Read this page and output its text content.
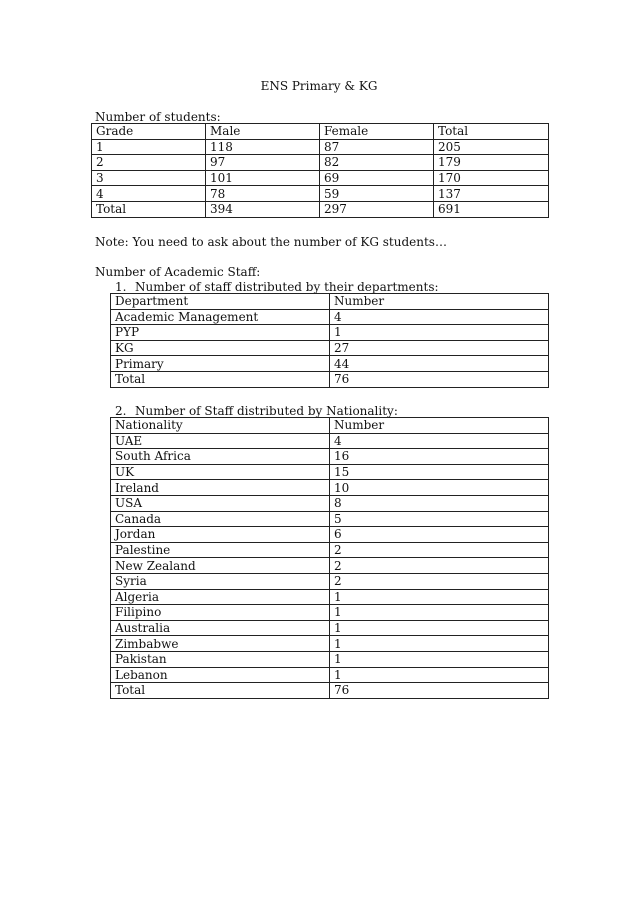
ENS Primary & KG
Number of students:
Grade	Male	Female	Total
1	118	87	205
2	97	82	179
3	101	69	170
4	78	59	137
Total	394	297	691
Note: You need to ask about the number of KG students…
Number of Academic Staff:
1. Number of staff distributed by their departments:
Department	Number
Academic Management	4
PYP	1
KG	27
Primary	44
Total	76
2. Number of Staff distributed by Nationality:
Nationality	Number
UAE	4
South Africa	16
UK	15
Ireland	10
USA	8
Canada	5
Jordan	6
Palestine	2
New Zealand	2
Syria	2
Algeria	1
Filipino	1
Australia	1
Zimbabwe	1
Pakistan	1
Lebanon	1
Total	76
